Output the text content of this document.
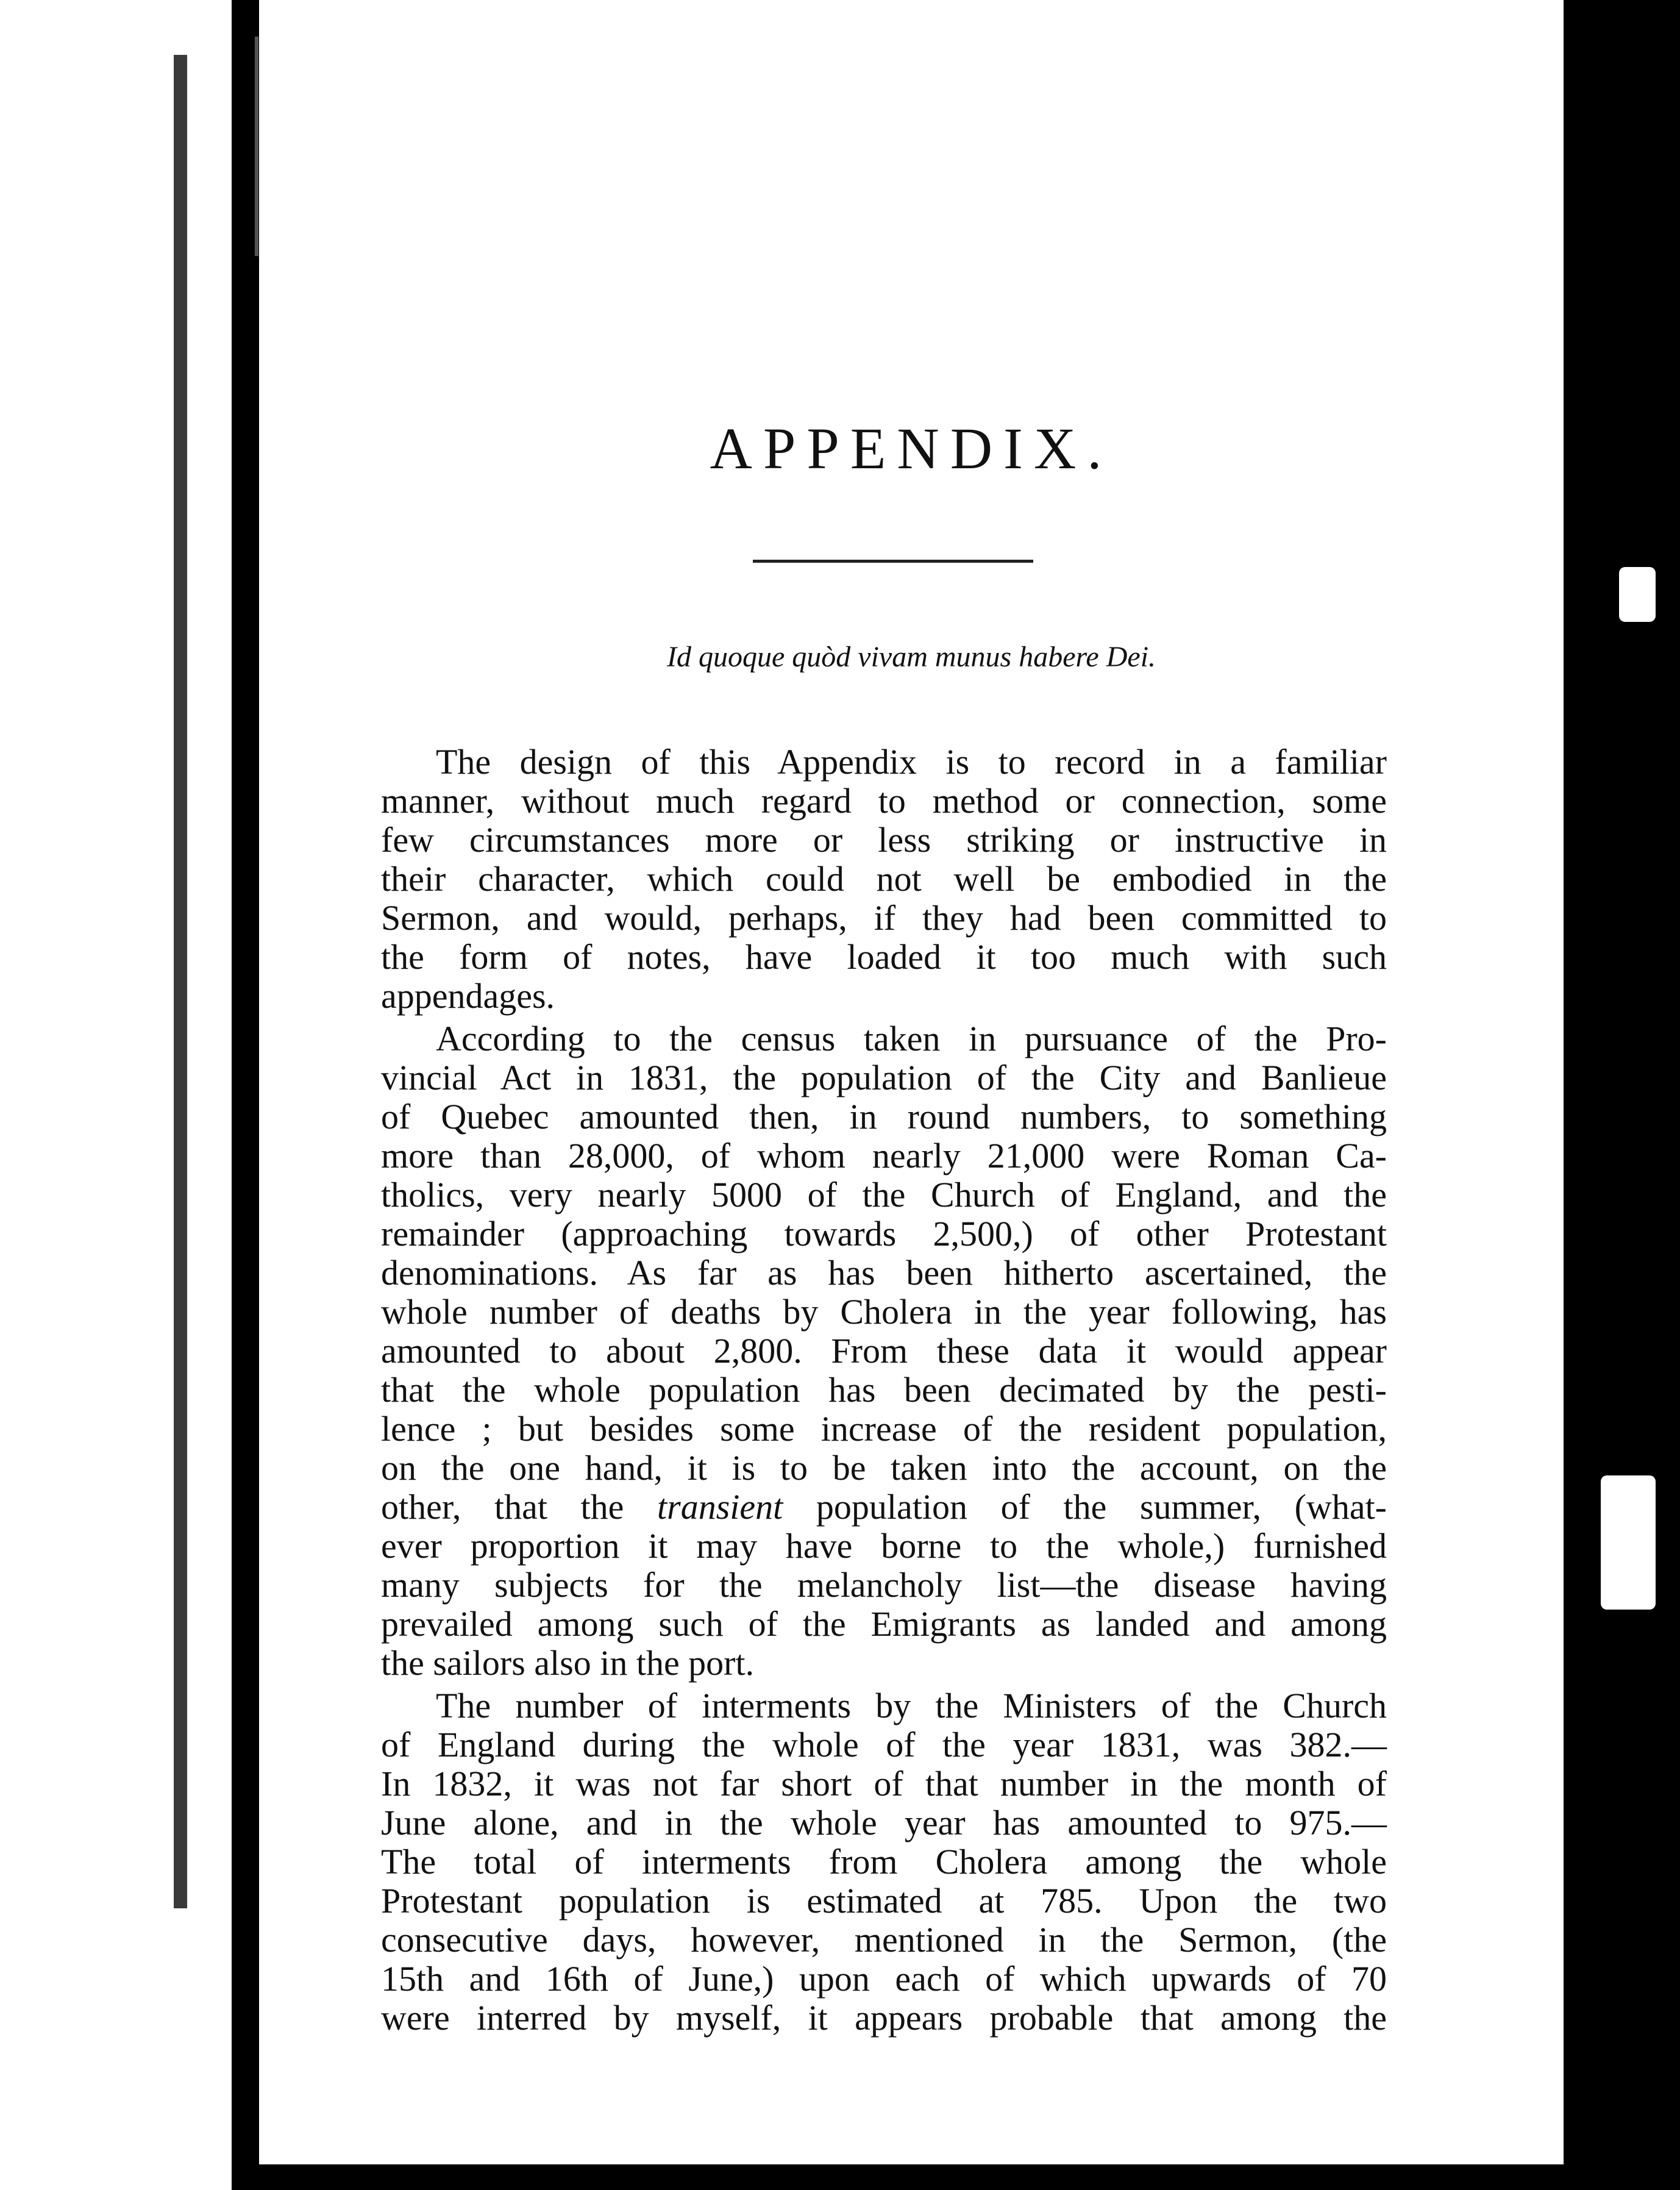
APPENDIX.
Id quoque quòd vivam munus habere Dei.
The design of this Appendix is to record in a familiar
manner, without much regard to method or connection, some
few circumstances more or less striking or instructive in
their character, which could not well be embodied in the
Sermon, and would, perhaps, if they had been committed to
the form of notes, have loaded it too much with such
appendages.
According to the census taken in pursuance of the Pro-
vincial Act in 1831, the population of the City and Banlieue
of Quebec amounted then, in round numbers, to something
more than 28,000, of whom nearly 21,000 were Roman Ca-
tholics, very nearly 5000 of the Church of England, and the
remainder (approaching towards 2,500,) of other Protestant
denominations. As far as has been hitherto ascertained, the
whole number of deaths by Cholera in the year following, has
amounted to about 2,800. From these data it would appear
that the whole population has been decimated by the pesti-
lence ; but besides some increase of the resident population,
on the one hand, it is to be taken into the account, on the
other, that the transient population of the summer, (what-
ever proportion it may have borne to the whole,) furnished
many subjects for the melancholy list—the disease having
prevailed among such of the Emigrants as landed and among
the sailors also in the port.
The number of interments by the Ministers of the Church
of England during the whole of the year 1831, was 382.—
In 1832, it was not far short of that number in the month of
June alone, and in the whole year has amounted to 975.—
The total of interments from Cholera among the whole
Protestant population is estimated at 785. Upon the two
consecutive days, however, mentioned in the Sermon, (the
15th and 16th of June,) upon each of which upwards of 70
were interred by myself, it appears probable that among the
